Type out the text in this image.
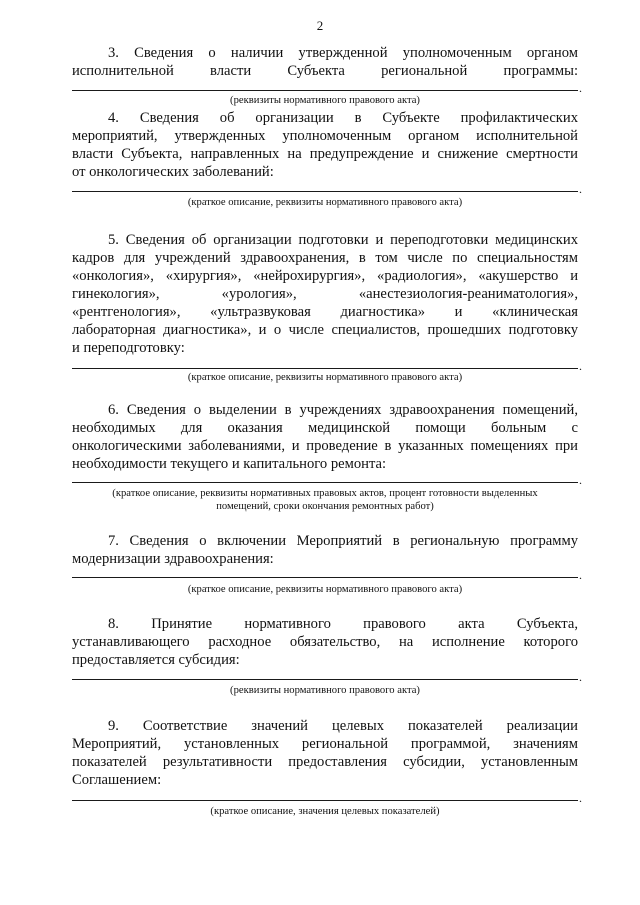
2
3. Сведения о наличии утвержденной уполномоченным органом
исполнительной власти Субъекта региональной программы:
.
(реквизиты нормативного правового акта)
4. Сведения об организации в Субъекте профилактических
мероприятий, утвержденных уполномоченным органом исполнительной
власти Субъекта, направленных на предупреждение и снижение смертности
от онкологических заболеваний:
.
(краткое описание, реквизиты нормативного правового акта)
5. Сведения об организации подготовки и переподготовки медицинских
кадров для учреждений здравоохранения, в том числе по специальностям
«онкология», «хирургия», «нейрохирургия», «радиология», «акушерство и
гинекология», «урология», «анестезиология-реаниматология»,
«рентгенология», «ультразвуковая диагностика» и «клиническая
лабораторная диагностика», и о числе специалистов, прошедших подготовку
и переподготовку:
.
(краткое описание, реквизиты нормативного правового акта)
6. Сведения о выделении в учреждениях здравоохранения помещений,
необходимых для оказания медицинской помощи больным с
онкологическими заболеваниями, и проведение в указанных помещениях при
необходимости текущего и капитального ремонта:
.
(краткое описание, реквизиты нормативных правовых актов, процент готовности выделенных
помещений, сроки окончания ремонтных работ)
7. Сведения о включении Мероприятий в региональную программу
модернизации здравоохранения:
.
(краткое описание, реквизиты нормативного правового акта)
8. Принятие нормативного правового акта Субъекта,
устанавливающего расходное обязательство, на исполнение которого
предоставляется субсидия:
.
(реквизиты нормативного правового акта)
9. Соответствие значений целевых показателей реализации
Мероприятий, установленных региональной программой, значениям
показателей результативности предоставления субсидии, установленным
Соглашением:
.
(краткое описание, значения целевых показателей)
